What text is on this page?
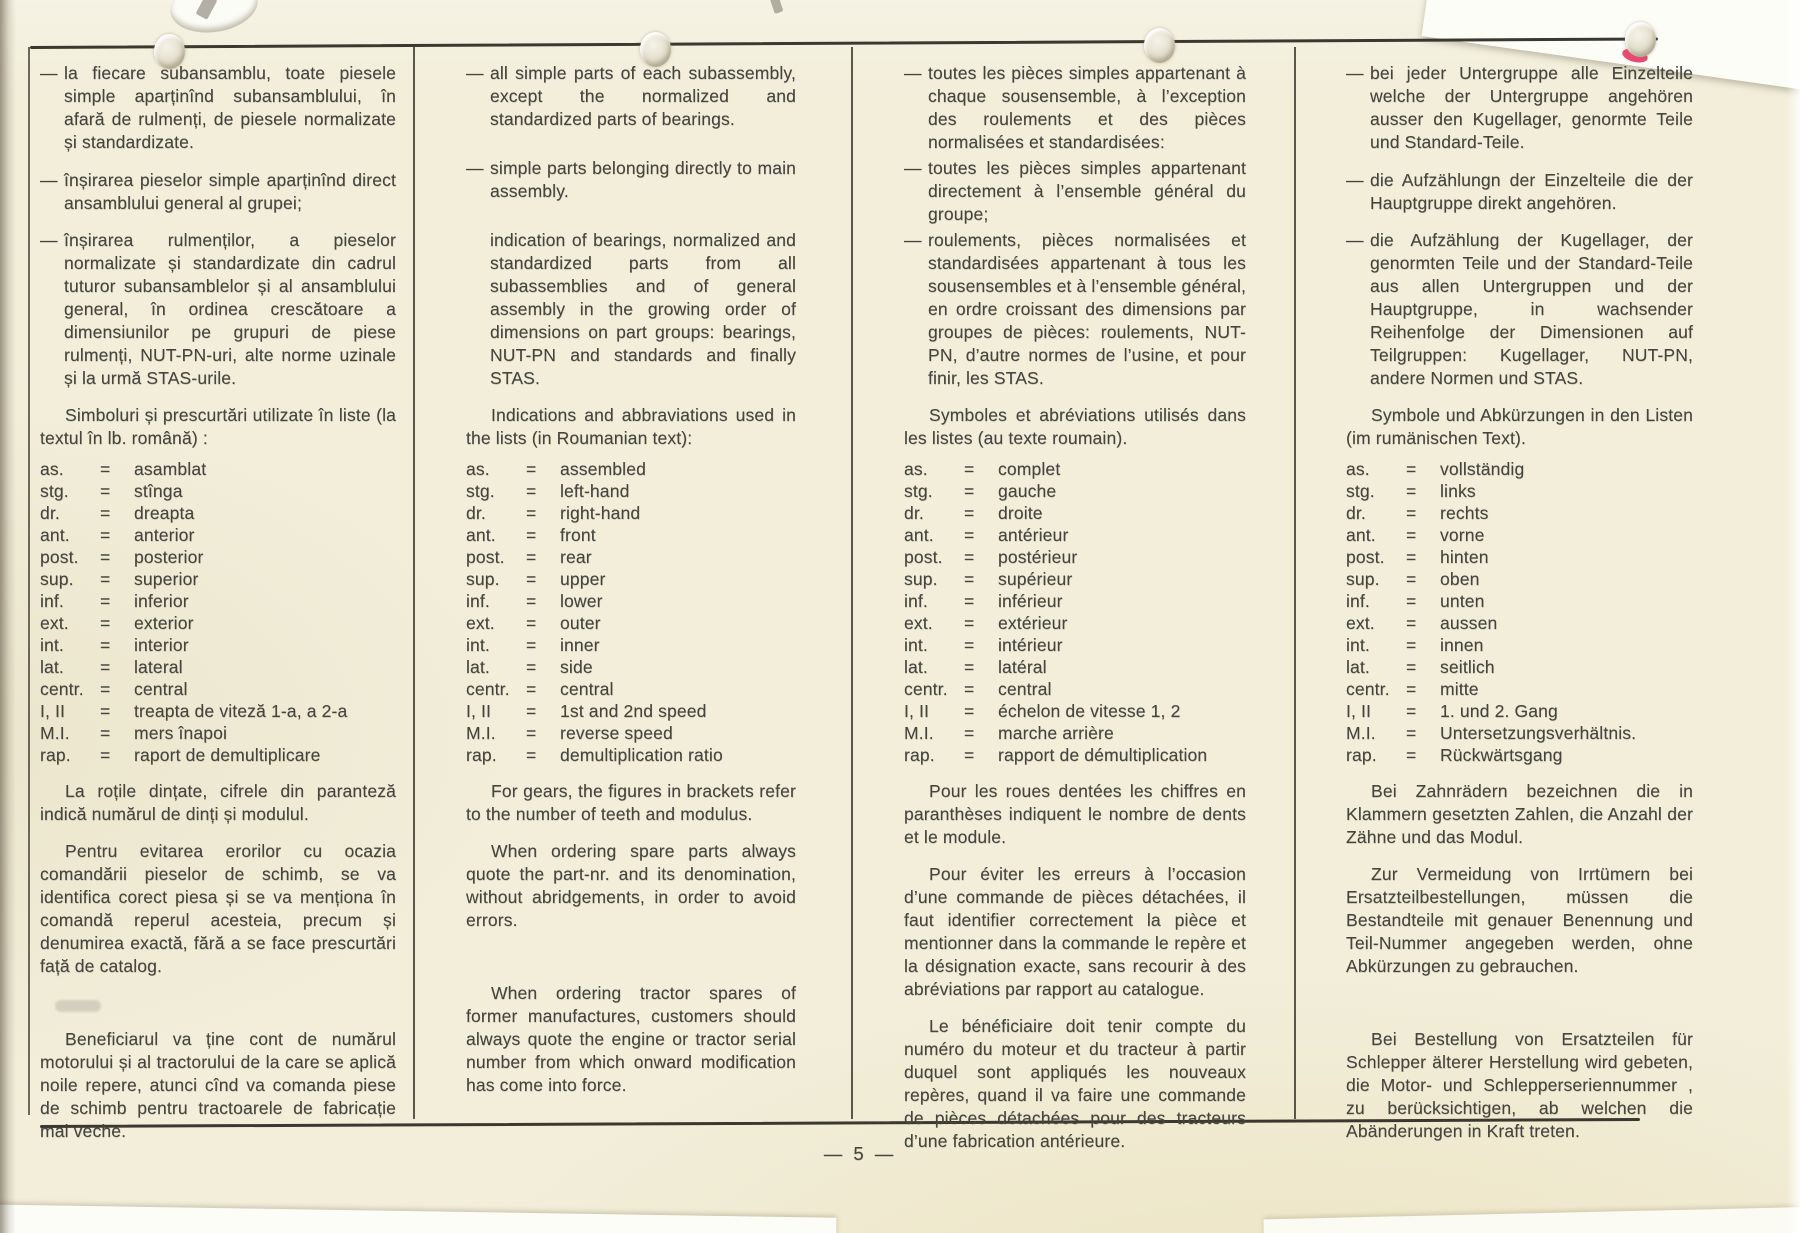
— la fiecare subansamblu, toate piesele simple aparținînd subansamblului, în afară de rulmenți, de piesele normalizate și standardizate.
— înșirarea pieselor simple aparținînd direct ansamblului general al grupei;
— înșirarea rulmenților, a pieselor normalizate și standardizate din cadrul tuturor subansamblelor și al ansamblului general, în ordinea crescătoare a dimensiunilor pe grupuri de piese rulmenți, NUT-PN-uri, alte norme uzinale și la urmă STAS-urile.
Simboluri și prescurtări utilizate în liste (la textul în lb. română) :
as.	=	asamblat
stg.	=	stînga
dr.	=	dreapta
ant.	=	anterior
post.	=	posterior
sup.	=	superior
inf.	=	inferior
ext.	=	exterior
int.	=	interior
lat.	=	lateral
centr. =	central
I, II	=	treapta de viteză 1-a, a 2-a
M.I.	=	mers înapoi
rap.	=	raport de demultiplicare

La roțile dințate, cifrele din paranteză indică numărul de dinți și modulul.

Pentru evitarea erorilor cu ocazia comandării pieselor de schimb, se va identifica corect piesa și se va menționa în comandă reperul acesteia, precum și denumirea exactă, fără a se face prescurtări față de catalog.

Beneficiarul va ține cont de numărul motorului și al tractorului de la care se aplică noile repere, atunci cînd va comanda piese de schimb pentru tractoarele de fabricație mai veche.

— all simple parts of each subassembly, except the normalized and standardized parts of bearings.
— simple parts belonging directly to main assembly.
indication of bearings, normalized and standardized parts from all subassemblies and of general assembly in the growing order of dimensions on part groups: bearings, NUT-PN and standards and finally STAS.
Indications and abbraviations used in the lists (in Roumanian text):
as.	=	assembled
stg.	=	left-hand
dr.	=	right-hand
ant.	=	front
post.	=	rear
sup.	=	upper
inf.	=	lower
ext.	=	outer
int.	=	inner
lat.	=	side
centr. =	central
I, II	=	1st and 2nd speed
M.I.	=	reverse speed
rap.	=	demultiplication ratio

For gears, the figures in brackets refer to the number of teeth and modulus.

When ordering spare parts always quote the part-nr. and its denomination, without abridgements, in order to avoid errors.

When ordering tractor spares of former manufactures, customers should always quote the engine or tractor serial number from which onward modification has come into force.

— toutes les pièces simples appartenant à chaque sousensemble, à l’exception des roulements et des pièces normalisées et standardisées:
— toutes les pièces simples appartenant directement à l’ensemble général du groupe;
— roulements, pièces normalisées et standardisées appartenant à tous les sousensembles et à l’ensemble général, en ordre croissant des dimensions par groupes de pièces: roulements, NUT-PN, d’autre normes de l’usine, et pour finir, les STAS.
Symboles et abréviations utilisés dans les listes (au texte roumain).
as.	=	complet
stg.	=	gauche
dr.	=	droite
ant.	=	antérieur
post.	=	postérieur
sup.	=	supérieur
inf.	=	inférieur
ext.	=	extérieur
int.	=	intérieur
lat.	=	latéral
centr. =	central
I, II	=	échelon de vitesse 1, 2
M.I.	=	marche arrière
rap.	=	rapport de démultiplication

Pour les roues dentées les chiffres en paranthèses indiquent le nombre de dents et le module.

Pour éviter les erreurs à l’occasion d’une commande de pièces détachées, il faut identifier correctement la pièce et mentionner dans la commande le repère et la désignation exacte, sans recourir à des abréviations par rapport au catalogue.

Le bénéficiaire doit tenir compte du numéro du moteur et du tracteur à partir duquel sont appliqués les nouveaux repères, quand il va faire une commande de pièces détachées pour des tracteurs d’une fabrication antérieure.

— bei jeder Untergruppe alle Einzelteile welche der Untergruppe angehören ausser den Kugellager, genormte Teile und Standard-Teile.
— die Aufzählungn der Einzelteile die der Hauptgruppe direkt angehören.
— die Aufzählung der Kugellager, der genormten Teile und der Standard-Teile aus allen Untergruppen und der Hauptgruppe, in wachsender Reihenfolge der Dimensionen auf Teilgruppen: Kugellager, NUT-PN, andere Normen und STAS.
Symbole und Abkürzungen in den Listen (im rumänischen Text).
as.	=	vollständig
stg.	=	links
dr.	=	rechts
ant.	=	vorne
post.	=	hinten
sup.	=	oben
inf.	=	unten
ext.	=	aussen
int.	=	innen
lat.	=	seitlich
centr. =	mitte
I, II	=	1. und 2. Gang
M.I.	=	Untersetzungsverhältnis.
rap.	=	Rückwärtsgang

Bei Zahnrädern bezeichnen die in Klammern gesetzten Zahlen, die Anzahl der Zähne und das Modul.

Zur Vermeidung von Irrtümern bei Ersatzteilbestellungen, müssen die Bestandteile mit genauer Benennung und Teil-Nummer angegeben werden, ohne Abkürzungen zu gebrauchen.

Bei Bestellung von Ersatzteilen für Schlepper älterer Herstellung wird gebeten, die Motor- und Schlepperseriennummer , zu berücksichtigen, ab welchen die Abänderungen in Kraft treten.

— 5 —
